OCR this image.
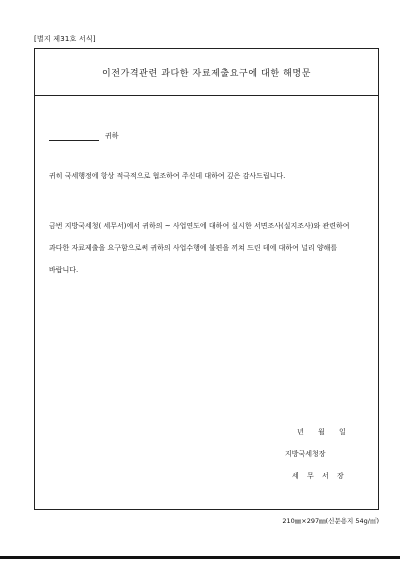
[별지 제31호 서식]
이전가격관련 과다한 자료제출요구에 대한 해명문
귀하
귀히 국세행정에 항상 적극적으로 협조하여 주신데 대하여 깊은 감사드립니다.
금번 지방국세청( 세무서)에서 귀하의 ~ 사업연도에 대하여 실시한 서면조사(실지조사)와 관련하여 과다한 자료제출을 요구함으로써 귀하의 사업수행에 불편을 끼쳐 드린 데에 대하여 널리 양해를 바랍니다.
년 월 일
지방국세청장
세 무 서 장
210㎜×297㎜(신문용지 54g/㎡)
